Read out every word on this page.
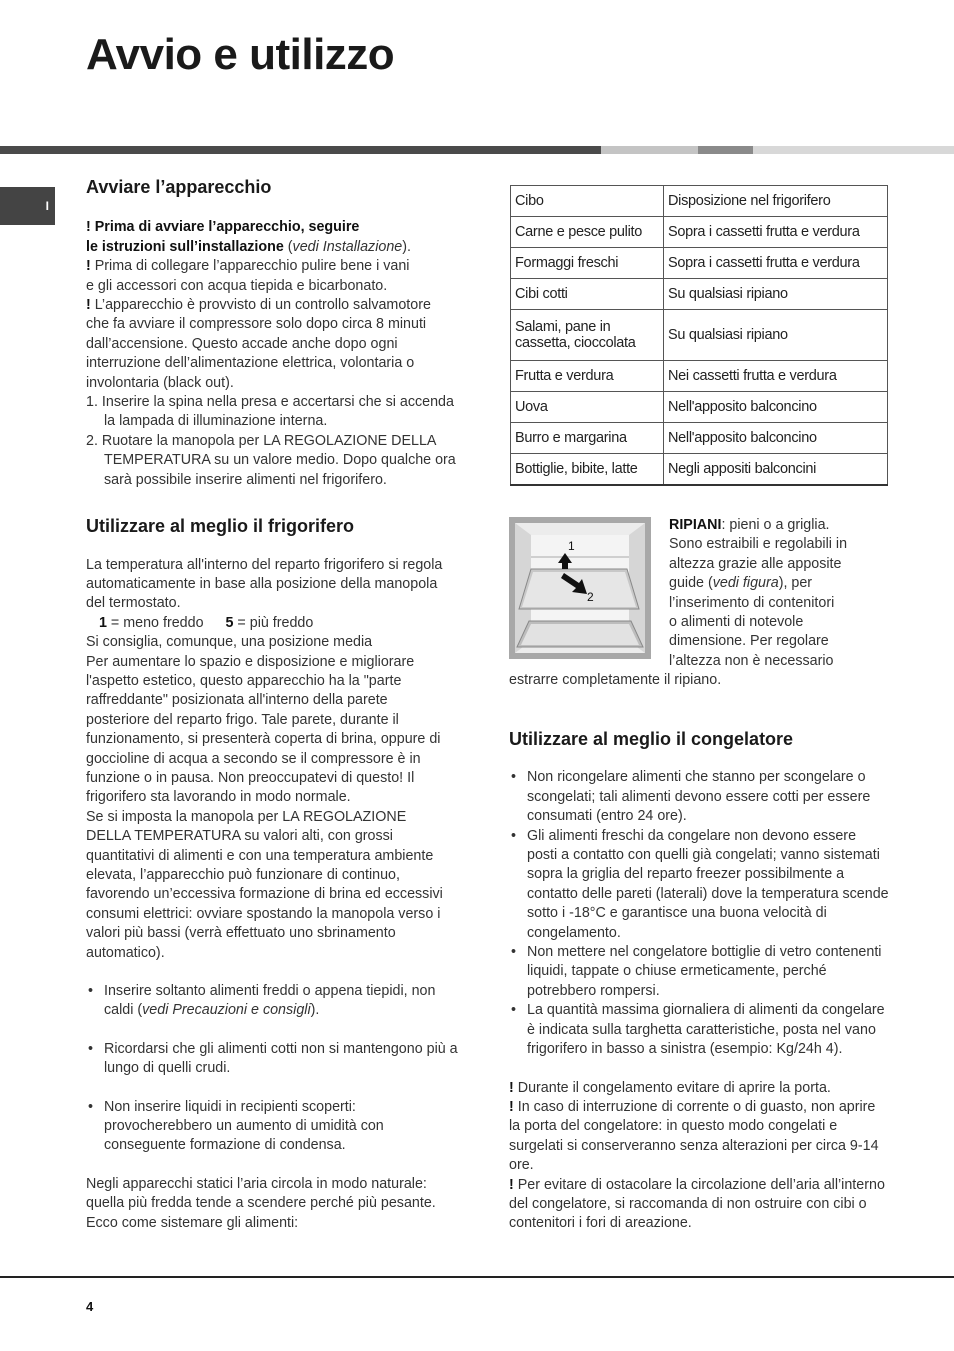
Avvio e utilizzo
I
Avviare l’apparecchio

! Prima di avviare l’apparecchio, seguire
le istruzioni sull’installazione (vedi Installazione).

! Prima di collegare l’apparecchio pulire bene i vani
e gli accessori con acqua tiepida e bicarbonato.

! L’apparecchio è provvisto di un controllo salvamotore
che fa avviare il compressore solo dopo circa 8 minuti
dall’accensione. Questo accade anche dopo ogni
interruzione dell’alimentazione elettrica, volontaria o
involontaria (black out).

1. Inserire la spina nella presa e accertarsi che si accenda la lampada di illuminazione interna.
2. Ruotare la manopola per LA REGOLAZIONE DELLA TEMPERATURA su un valore medio. Dopo qualche ora sarà possibile inserire alimenti nel frigorifero.
Utilizzare al meglio il frigorifero

La temperatura all'interno del reparto frigorifero si regola
automaticamente in base alla posizione della manopola
del termostato.

1 = meno freddo 5 = più freddo

Si consiglia, comunque, una posizione media

Per aumentare lo spazio e disposizione e migliorare
l'aspetto estetico, questo apparecchio ha la "parte
raffreddante" posizionata all'interno della parete
posteriore del reparto frigo. Tale parete, durante il
funzionamento, si presenterà coperta di brina, oppure di
goccioline di acqua a secondo se il compressore è in
funzione o in pausa. Non preoccupatevi di questo! Il
frigorifero sta lavorando in modo normale.

Se si imposta la manopola per LA REGOLAZIONE
DELLA TEMPERATURA su valori alti, con grossi
quantitativi di alimenti e con una temperatura ambiente
elevata, l’apparecchio può funzionare di continuo,
favorendo un’eccessiva formazione di brina ed eccessivi
consumi elettrici: ovviare spostando la manopola verso i
valori più bassi (verrà effettuato uno sbrinamento
automatico).

• Inserire soltanto alimenti freddi o appena tiepidi, non caldi (vedi Precauzioni e consigli).
• Ricordarsi che gli alimenti cotti non si mantengono più a lungo di quelli crudi.
• Non inserire liquidi in recipienti scoperti: provocherebbero un aumento di umidità con conseguente formazione di condensa.

Negli apparecchi statici l’aria circola in modo naturale:
quella più fredda tende a scendere perché più pesante.
Ecco come sistemare gli alimenti:

Cibo	Disposizione nel frigorifero
Carne e pesce pulito	Sopra i cassetti frutta e verdura
Formaggi freschi	Sopra i cassetti frutta e verdura
Cibi cotti	Su qualsiasi ripiano
Salami, pane in cassetta, cioccolata	Su qualsiasi ripiano
Frutta e verdura	Nei cassetti frutta e verdura
Uova	Nell'apposito balconcino
Burro e margarina	Nell'apposito balconcino
Bottiglie, bibite, latte	Negli appositi balconcini
1
2

RIPIANI: pieni o a griglia.
Sono estraibili e regolabili in
altezza grazie alle apposite
guide (vedi figura), per
l’inserimento di contenitori
o alimenti di notevole
dimensione. Per regolare
l’altezza non è necessario

estrarre completamente il ripiano.

Utilizzare al meglio il congelatore
• Non ricongelare alimenti che stanno per scongelare o scongelati; tali alimenti devono essere cotti per essere consumati (entro 24 ore).
• Gli alimenti freschi da congelare non devono essere posti a contatto con quelli già congelati; vanno sistemati sopra la griglia del reparto freezer possibilmente a contatto delle pareti (laterali) dove la temperatura scende sotto i -18°C e garantisce una buona velocità di congelamento.
• Non mettere nel congelatore bottiglie di vetro contenenti liquidi, tappate o chiuse ermeticamente, perché potrebbero rompersi.
• La quantità massima giornaliera di alimenti da congelare è indicata sulla targhetta caratteristiche, posta nel vano frigorifero in basso a sinistra (esempio: Kg/24h 4).

! Durante il congelamento evitare di aprire la porta.

! In caso di interruzione di corrente o di guasto, non aprire la porta del congelatore: in questo modo congelati e surgelati si conserveranno senza alterazioni per circa 9-14 ore.

! Per evitare di ostacolare la circolazione dell’aria all’interno del congelatore, si raccomanda di non ostruire con cibi o contenitori i fori di areazione.

4
